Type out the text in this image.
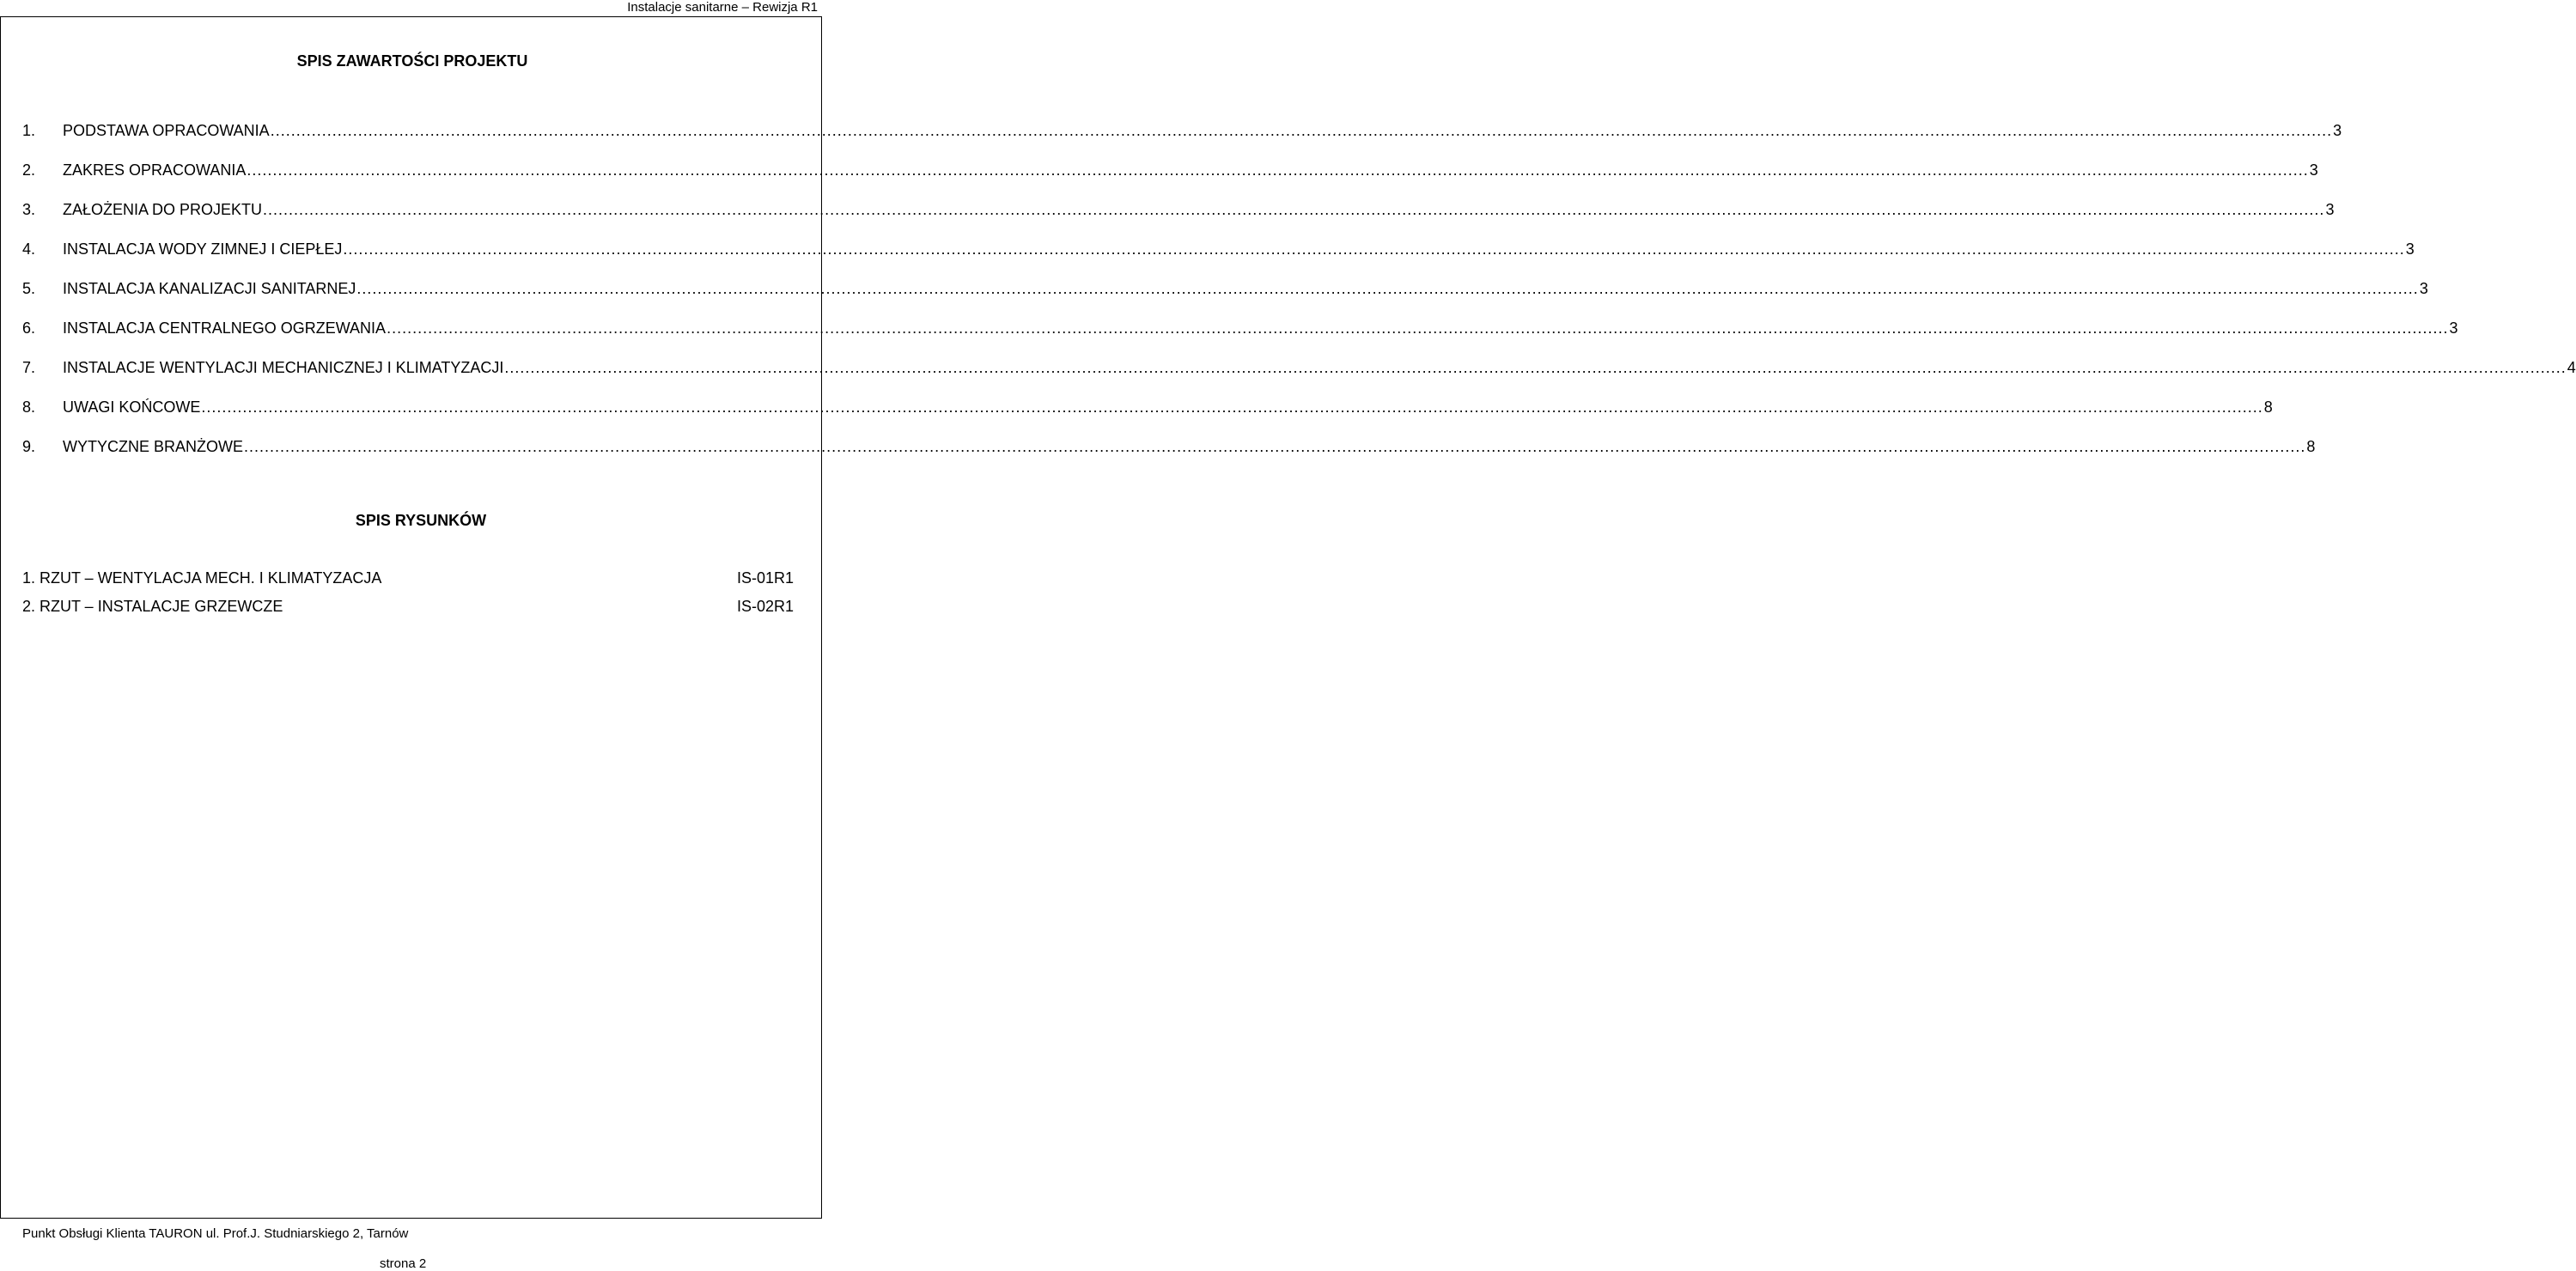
Instalacje sanitarne – Rewizja R1
SPIS ZAWARTOŚCI PROJEKTU
1.	PODSTAWA OPRACOWANIA ................................................................................................................................................................................................................................................................................................................................................................................................................ 3
2.	ZAKRES OPRACOWANIA ................................................................................................................................................................................................................................................................................................................................................................................................................ 3
3.	ZAŁOŻENIA DO PROJEKTU ................................................................................................................................................................................................................................................................................................................................................................................................................ 3
4.	INSTALACJA WODY ZIMNEJ I CIEPŁEJ ................................................................................................................................................................................................................................................................................................................................................................................................................ 3
5.	INSTALACJA KANALIZACJI SANITARNEJ ................................................................................................................................................................................................................................................................................................................................................................................................................ 3
6.	INSTALACJA CENTRALNEGO OGRZEWANIA ................................................................................................................................................................................................................................................................................................................................................................................................................ 3
7.	INSTALACJE WENTYLACJI MECHANICZNEJ I KLIMATYZACJI ................................................................................................................................................................................................................................................................................................................................................................................................................ 4
8.	UWAGI KOŃCOWE ................................................................................................................................................................................................................................................................................................................................................................................................................ 8
9.	WYTYCZNE BRANŻOWE ................................................................................................................................................................................................................................................................................................................................................................................................................ 8
SPIS RYSUNKÓW
1. RZUT – WENTYLACJA MECH. I KLIMATYZACJA	IS-01R1
2. RZUT – INSTALACJE GRZEWCZE	IS-02R1
Punkt Obsługi Klienta TAURON ul. Prof.J. Studniarskiego 2, Tarnów
strona 2
